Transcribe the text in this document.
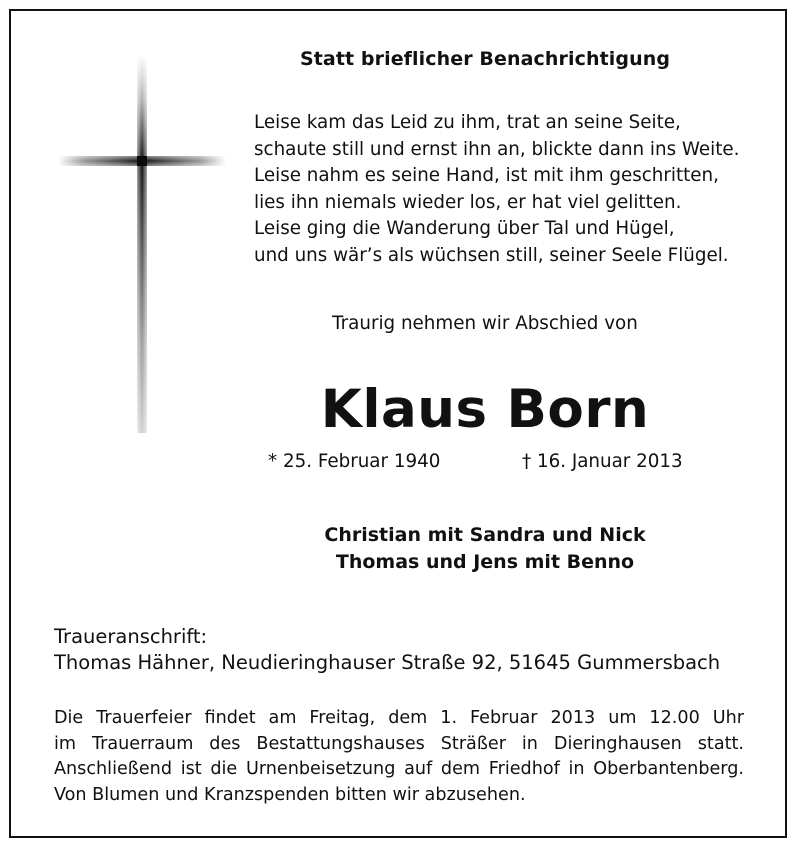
Statt brieflicher Benachrichtigung
Leise kam das Leid zu ihm, trat an seine Seite,
schaute still und ernst ihn an, blickte dann ins Weite.
Leise nahm es seine Hand, ist mit ihm geschritten,
lies ihn niemals wieder los, er hat viel gelitten.
Leise ging die Wanderung über Tal und Hügel,
und uns wär’s als wüchsen still, seiner Seele Flügel.
Traurig nehmen wir Abschied von
Klaus Born
* 25. Februar 1940	† 16. Januar 2013
Christian mit Sandra und Nick
Thomas und Jens mit Benno
Traueranschrift:
Thomas Hähner, Neudieringhauser Straße 92, 51645 Gummersbach
Die Trauerfeier findet am Freitag, dem 1. Februar 2013 um 12.00 Uhr
im Trauerraum des Bestattungshauses Sträßer in Dieringhausen statt.
Anschließend ist die Urnenbeisetzung auf dem Friedhof in Oberbantenberg.
Von Blumen und Kranzspenden bitten wir abzusehen.
